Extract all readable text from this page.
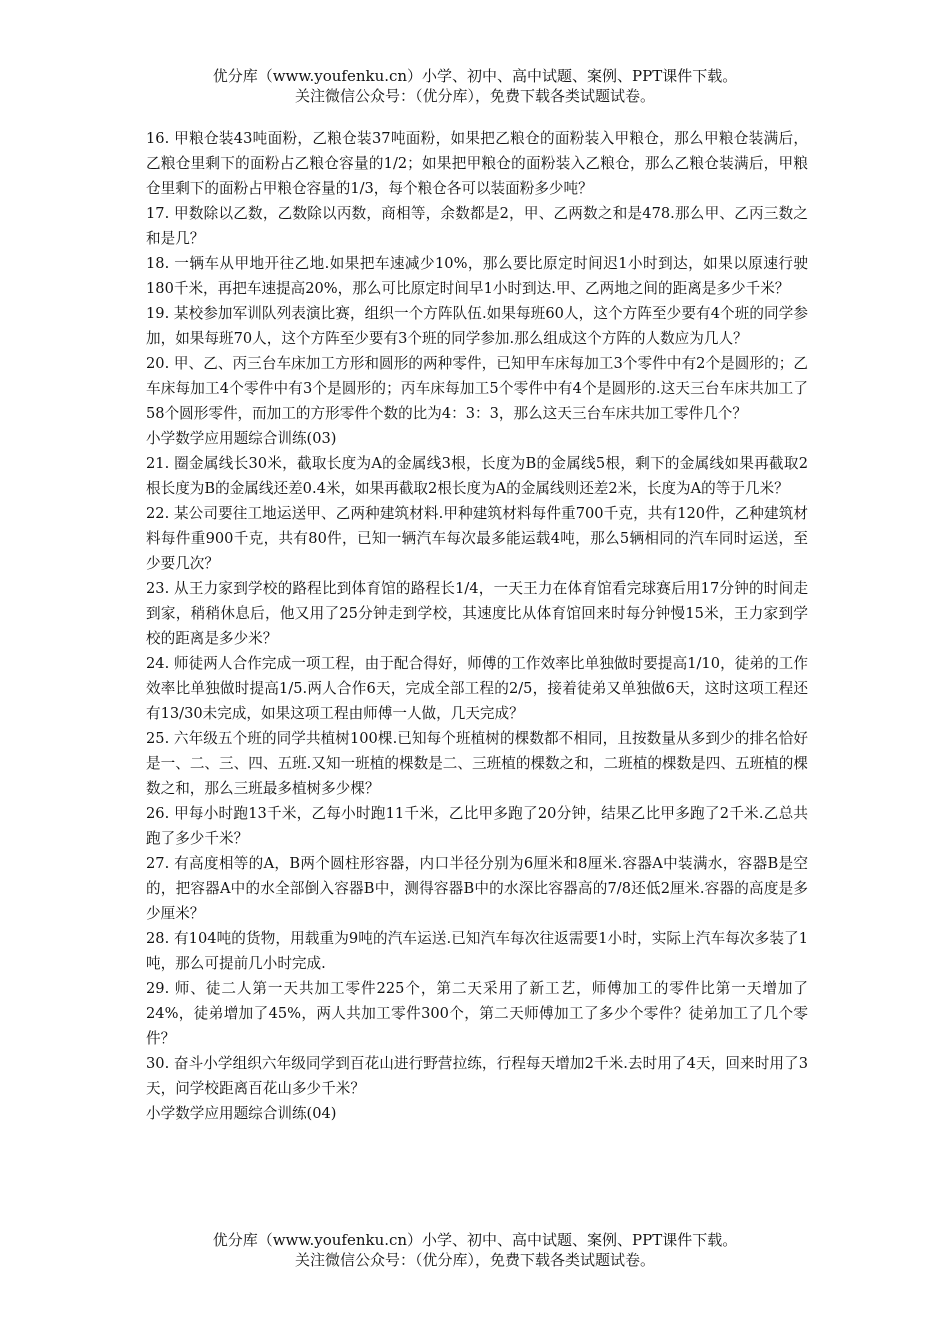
优分库（www.youfenku.cn）小学、初中、高中试题、案例、PPT课件下载。
关注微信公众号：（优分库），免费下载各类试题试卷。

16. 甲粮仓装43吨面粉，乙粮仓装37吨面粉，如果把乙粮仓的面粉装入甲粮仓，那么甲粮仓装满后，乙粮仓里剩下的面粉占乙粮仓容量的1/2；如果把甲粮仓的面粉装入乙粮仓，那么乙粮仓装满后，甲粮仓里剩下的面粉占甲粮仓容量的1/3，每个粮仓各可以装面粉多少吨？

17. 甲数除以乙数，乙数除以丙数，商相等，余数都是2，甲、乙两数之和是478.那么甲、乙丙三数之和是几？

18. 一辆车从甲地开往乙地.如果把车速减少10%，那么要比原定时间迟1小时到达，如果以原速行驶180千米，再把车速提高20%，那么可比原定时间早1小时到达.甲、乙两地之间的距离是多少千米？

19. 某校参加军训队列表演比赛，组织一个方阵队伍.如果每班60人，这个方阵至少要有4个班的同学参加，如果每班70人，这个方阵至少要有3个班的同学参加.那么组成这个方阵的人数应为几人？

20. 甲、乙、丙三台车床加工方形和圆形的两种零件，已知甲车床每加工3个零件中有2个是圆形的；乙车床每加工4个零件中有3个是圆形的；丙车床每加工5个零件中有4个是圆形的.这天三台车床共加工了58个圆形零件，而加工的方形零件个数的比为4：3：3，那么这天三台车床共加工零件几个？

小学数学应用题综合训练(03)

21. 圈金属线长30米，截取长度为A的金属线3根，长度为B的金属线5根，剩下的金属线如果再截取2根长度为B的金属线还差0.4米，如果再截取2根长度为A的金属线则还差2米，长度为A的等于几米？

22. 某公司要往工地运送甲、乙两种建筑材料.甲种建筑材料每件重700千克，共有120件，乙种建筑材料每件重900千克，共有80件，已知一辆汽车每次最多能运载4吨，那么5辆相同的汽车同时运送，至少要几次？

23. 从王力家到学校的路程比到体育馆的路程长1/4，一天王力在体育馆看完球赛后用17分钟的时间走到家，稍稍休息后，他又用了25分钟走到学校，其速度比从体育馆回来时每分钟慢15米，王力家到学校的距离是多少米？

24. 师徒两人合作完成一项工程，由于配合得好，师傅的工作效率比单独做时要提高1/10，徒弟的工作效率比单独做时提高1/5.两人合作6天，完成全部工程的2/5，接着徒弟又单独做6天，这时这项工程还有13/30未完成，如果这项工程由师傅一人做，几天完成？

25. 六年级五个班的同学共植树100棵.已知每个班植树的棵数都不相同，且按数量从多到少的排名恰好是一、二、三、四、五班.又知一班植的棵数是二、三班植的棵数之和，二班植的棵数是四、五班植的棵数之和，那么三班最多植树多少棵？

26. 甲每小时跑13千米，乙每小时跑11千米，乙比甲多跑了20分钟，结果乙比甲多跑了2千米.乙总共跑了多少千米？

27. 有高度相等的A，B两个圆柱形容器，内口半径分别为6厘米和8厘米.容器A中装满水，容器B是空的，把容器A中的水全部倒入容器B中，测得容器B中的水深比容器高的7/8还低2厘米.容器的高度是多少厘米？

28. 有104吨的货物，用载重为9吨的汽车运送.已知汽车每次往返需要1小时，实际上汽车每次多装了1吨，那么可提前几小时完成.

29. 师、徒二人第一天共加工零件225个，第二天采用了新工艺，师傅加工的零件比第一天增加了24%，徒弟增加了45%，两人共加工零件300个，第二天师傅加工了多少个零件？徒弟加工了几个零件？

30. 奋斗小学组织六年级同学到百花山进行野营拉练，行程每天增加2千米.去时用了4天，回来时用了3天，问学校距离百花山多少千米？

小学数学应用题综合训练(04)

优分库（www.youfenku.cn）小学、初中、高中试题、案例、PPT课件下载。
关注微信公众号：（优分库），免费下载各类试题试卷。
